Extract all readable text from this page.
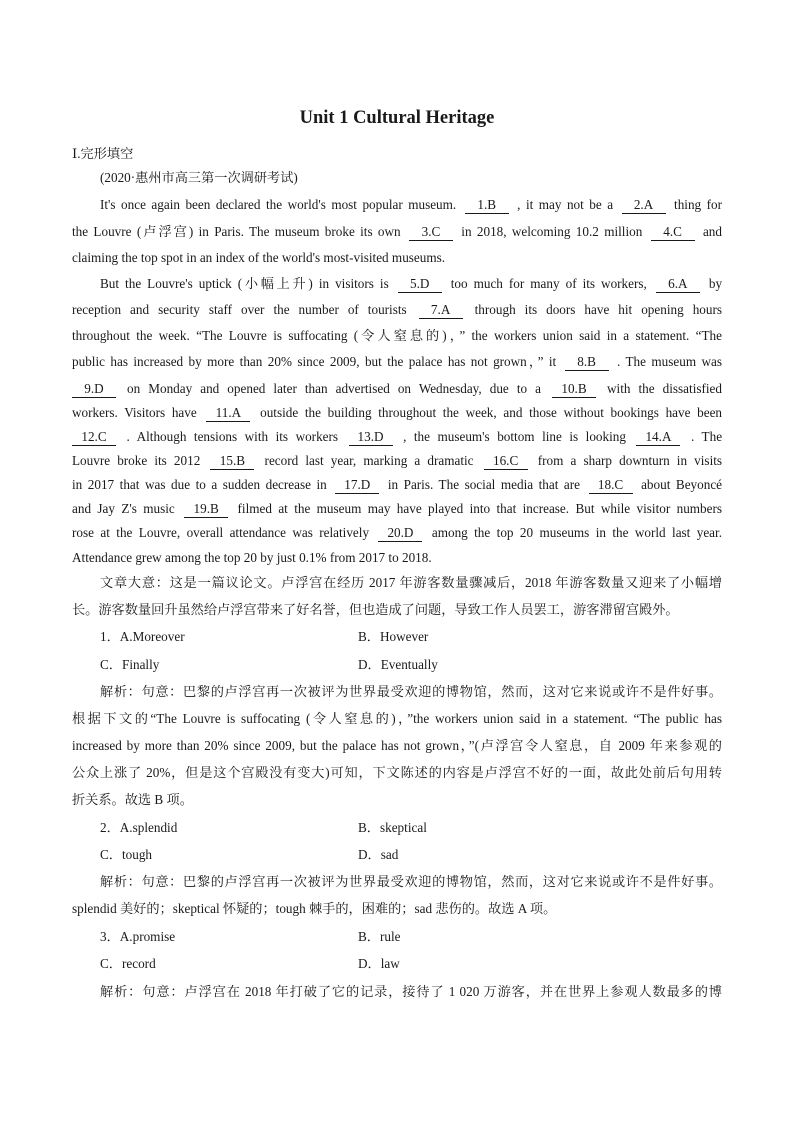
Unit 1 Cultural Heritage
Ⅰ.完形填空
(2020·惠州市高三第一次调研考试)
It's once again been declared the world's most popular museum. 1.B , it may not be a 2.A thing for
the Louvre (卢浮宫) in Paris. The museum broke its own 3.C in 2018, welcoming 10.2 million 4.C and
claiming the top spot in an index of the world's most-visited museums.
But the Louvre's uptick (小幅上升) in visitors is 5.D too much for many of its workers, 6.A by
reception and security staff over the number of tourists 7.A through its doors have hit opening hours
throughout the week. “The Louvre is suffocating (令人窒息的)，” the workers union said in a statement. “The
public has increased by more than 20% since 2009, but the palace has not grown，” it 8.B . The museum was
9.D on Monday and opened later than advertised on Wednesday, due to a 10.B with the dissatisfied
workers. Visitors have 11.A outside the building throughout the week, and those without bookings have been
12.C . Although tensions with its workers 13.D , the museum's bottom line is looking 14.A . The
Louvre broke its 2012 15.B record last year, marking a dramatic 16.C from a sharp downturn in visits
in 2017 that was due to a sudden decrease in 17.D in Paris. The social media that are 18.C about Beyoncé
and Jay Z's music 19.B filmed at the museum may have played into that increase. But while visitor numbers
rose at the Louvre, overall attendance was relatively 20.D among the top 20 museums in the world last year.
Attendance grew among the top 20 by just 0.1% from 2017 to 2018.
文章大意：这是一篇议论文。卢浮宫在经历 2017 年游客数量骤减后，2018 年游客数量又迎来了小幅增
长。游客数量回升虽然给卢浮宫带来了好名誉，但也造成了问题，导致工作人员罢工，游客滞留宫殿外。
1．A.Moreover	B．However
C．Finally	D．Eventually
解析：句意：巴黎的卢浮宫再一次被评为世界最受欢迎的博物馆，然而，这对它来说或许不是件好事。
根据下文的“The Louvre is suffocating (令人窒息的)，”the workers union said in a statement. “The public has
increased by more than 20% since 2009, but the palace has not grown，”(卢浮宫令人窒息，自 2009 年来参观的
公众上涨了 20%，但是这个宫殿没有变大)可知，下文陈述的内容是卢浮宫不好的一面，故此处前后句用转
折关系。故选 B 项。
2．A.splendid	B．skeptical
C．tough	D．sad
解析：句意：巴黎的卢浮宫再一次被评为世界最受欢迎的博物馆，然而，这对它来说或许不是件好事。
splendid 美好的；skeptical 怀疑的；tough 棘手的，困难的；sad 悲伤的。故选 A 项。
3．A.promise	B．rule
C．record	D．law
解析：句意：卢浮宫在 2018 年打破了它的记录，接待了 1 020 万游客，并在世界上参观人数最多的博
